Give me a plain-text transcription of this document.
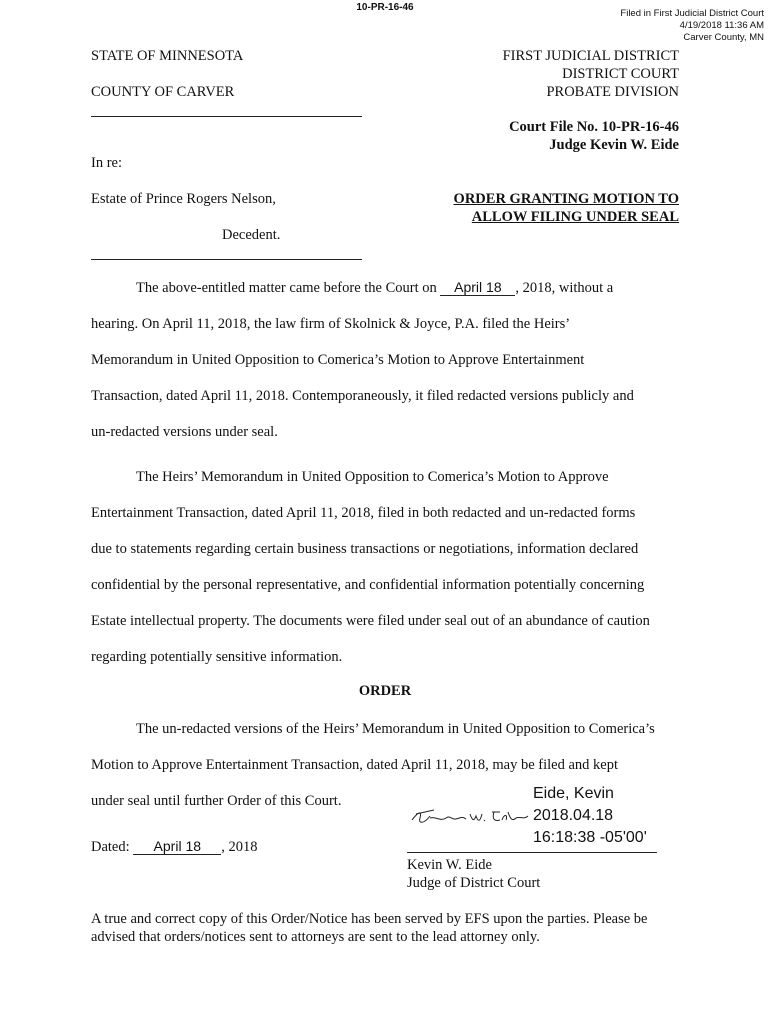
10-PR-16-46
Filed in First Judicial District Court
4/19/2018 11:36 AM
Carver County, MN
STATE OF MINNESOTA
COUNTY OF CARVER
FIRST JUDICIAL DISTRICT
DISTRICT COURT
PROBATE DIVISION
Court File No. 10-PR-16-46
Judge Kevin W. Eide
In re:
Estate of Prince Rogers Nelson,
Decedent.
ORDER GRANTING MOTION TO
ALLOW FILING UNDER SEAL
The above-entitled matter came before the Court on April 18 , 2018, without a
hearing. On April 11, 2018, the law firm of Skolnick & Joyce, P.A. filed the Heirs’
Memorandum in United Opposition to Comerica’s Motion to Approve Entertainment
Transaction, dated April 11, 2018. Contemporaneously, it filed redacted versions publicly and
un-redacted versions under seal.
The Heirs’ Memorandum in United Opposition to Comerica’s Motion to Approve
Entertainment Transaction, dated April 11, 2018, filed in both redacted and un-redacted forms
due to statements regarding certain business transactions or negotiations, information declared
confidential by the personal representative, and confidential information potentially concerning
Estate intellectual property. The documents were filed under seal out of an abundance of caution
regarding potentially sensitive information.
ORDER
The un-redacted versions of the Heirs’ Memorandum in United Opposition to Comerica’s
Motion to Approve Entertainment Transaction, dated April 11, 2018, may be filed and kept
under seal until further Order of this Court.
Dated: April 18 , 2018
Eide, Kevin
2018.04.18
16:18:38 -05'00'
Kevin W. Eide
Judge of District Court
A true and correct copy of this Order/Notice has been served by EFS upon the parties. Please be
advised that orders/notices sent to attorneys are sent to the lead attorney only.
